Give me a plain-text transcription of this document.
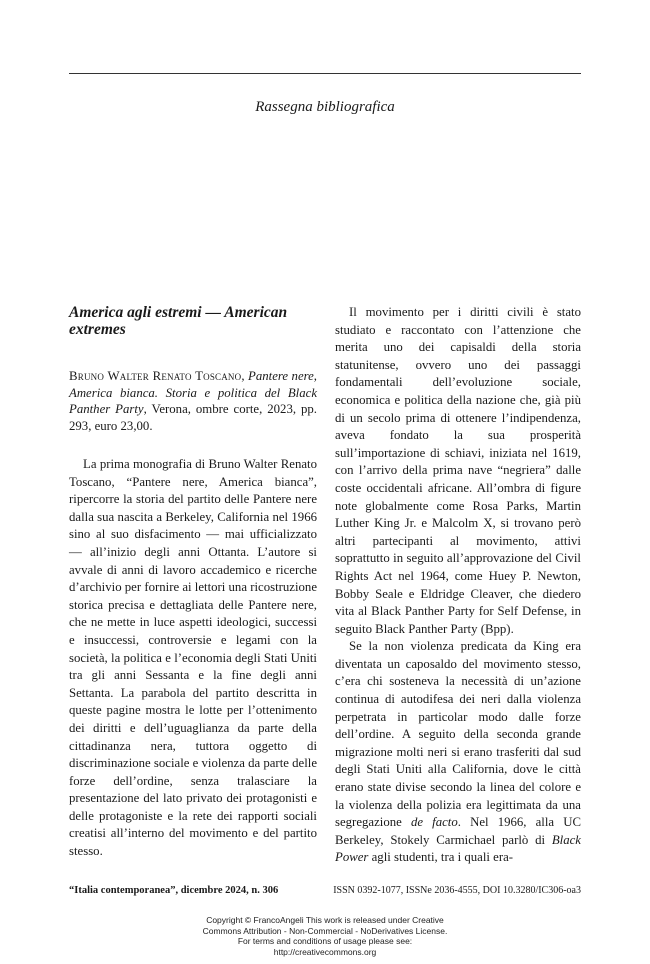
Rassegna bibliografica
America agli estremi — American extremes

Bruno Walter Renato Toscano, Pantere nere, America bianca. Storia e politica del Black Panther Party, Verona, ombre corte, 2023, pp. 293, euro 23,00.

La prima monografia di Bruno Walter Renato Toscano, “Pantere nere, America bianca”, ripercorre la storia del partito delle Pantere nere dalla sua nascita a Berkeley, California nel 1966 sino al suo disfacimento — mai ufficializzato — all’inizio degli anni Ottanta. L’autore si avvale di anni di lavoro accademico e ricerche d’archivio per fornire ai lettori una ricostruzione storica precisa e dettagliata delle Pantere nere, che ne mette in luce aspetti ideologici, successi e insuccessi, controversie e legami con la società, la politica e l’economia degli Stati Uniti tra gli anni Sessanta e la fine degli anni Settanta. La parabola del partito descritta in queste pagine mostra le lotte per l’ottenimento dei diritti e dell’uguaglianza da parte della cittadinanza nera, tuttora oggetto di discriminazione sociale e violenza da parte delle forze dell’ordine, senza tralasciare la presentazione del lato privato dei protagonisti e delle protagoniste e la rete dei rapporti sociali creatisi all’interno del movimento e del partito stesso.

Il movimento per i diritti civili è stato studiato e raccontato con l’attenzione che merita uno dei capisaldi della storia statunitense, ovvero uno dei passaggi fondamentali dell’evoluzione sociale, economica e politica della nazione che, già più di un secolo prima di ottenere l’indipendenza, aveva fondato la sua prosperità sull’importazione di schiavi, iniziata nel 1619, con l’arrivo della prima nave “negriera” dalle coste occidentali africane. All’ombra di figure note globalmente come Rosa Parks, Martin Luther King Jr. e Malcolm X, si trovano però altri partecipanti al movimento, attivi soprattutto in seguito all’approvazione del Civil Rights Act nel 1964, come Huey P. Newton, Bobby Seale e Eldridge Cleaver, che diedero vita al Black Panther Party for Self Defense, in seguito Black Panther Party (Bpp).

Se la non violenza predicata da King era diventata un caposaldo del movimento stesso, c’era chi sosteneva la necessità di un’azione continua di autodifesa dei neri dalla violenza perpetrata in particolar modo dalle forze dell’ordine. A seguito della seconda grande migrazione molti neri si erano trasferiti dal sud degli Stati Uniti alla California, dove le città erano state divise secondo la linea del colore e la violenza della polizia era legittimata da una segregazione de facto. Nel 1966, alla UC Berkeley, Stokely Carmichael parlò di Black Power agli studenti, tra i quali era-

“Italia contemporanea”, dicembre 2024, n. 306	ISSN 0392-1077, ISSNe 2036-4555, DOI 10.3280/IC306-oa3
Copyright © FrancoAngeli This work is released under Creative
Commons Attribution - Non-Commercial - NoDerivatives License.
For terms and conditions of usage please see:
http://creativecommons.org
